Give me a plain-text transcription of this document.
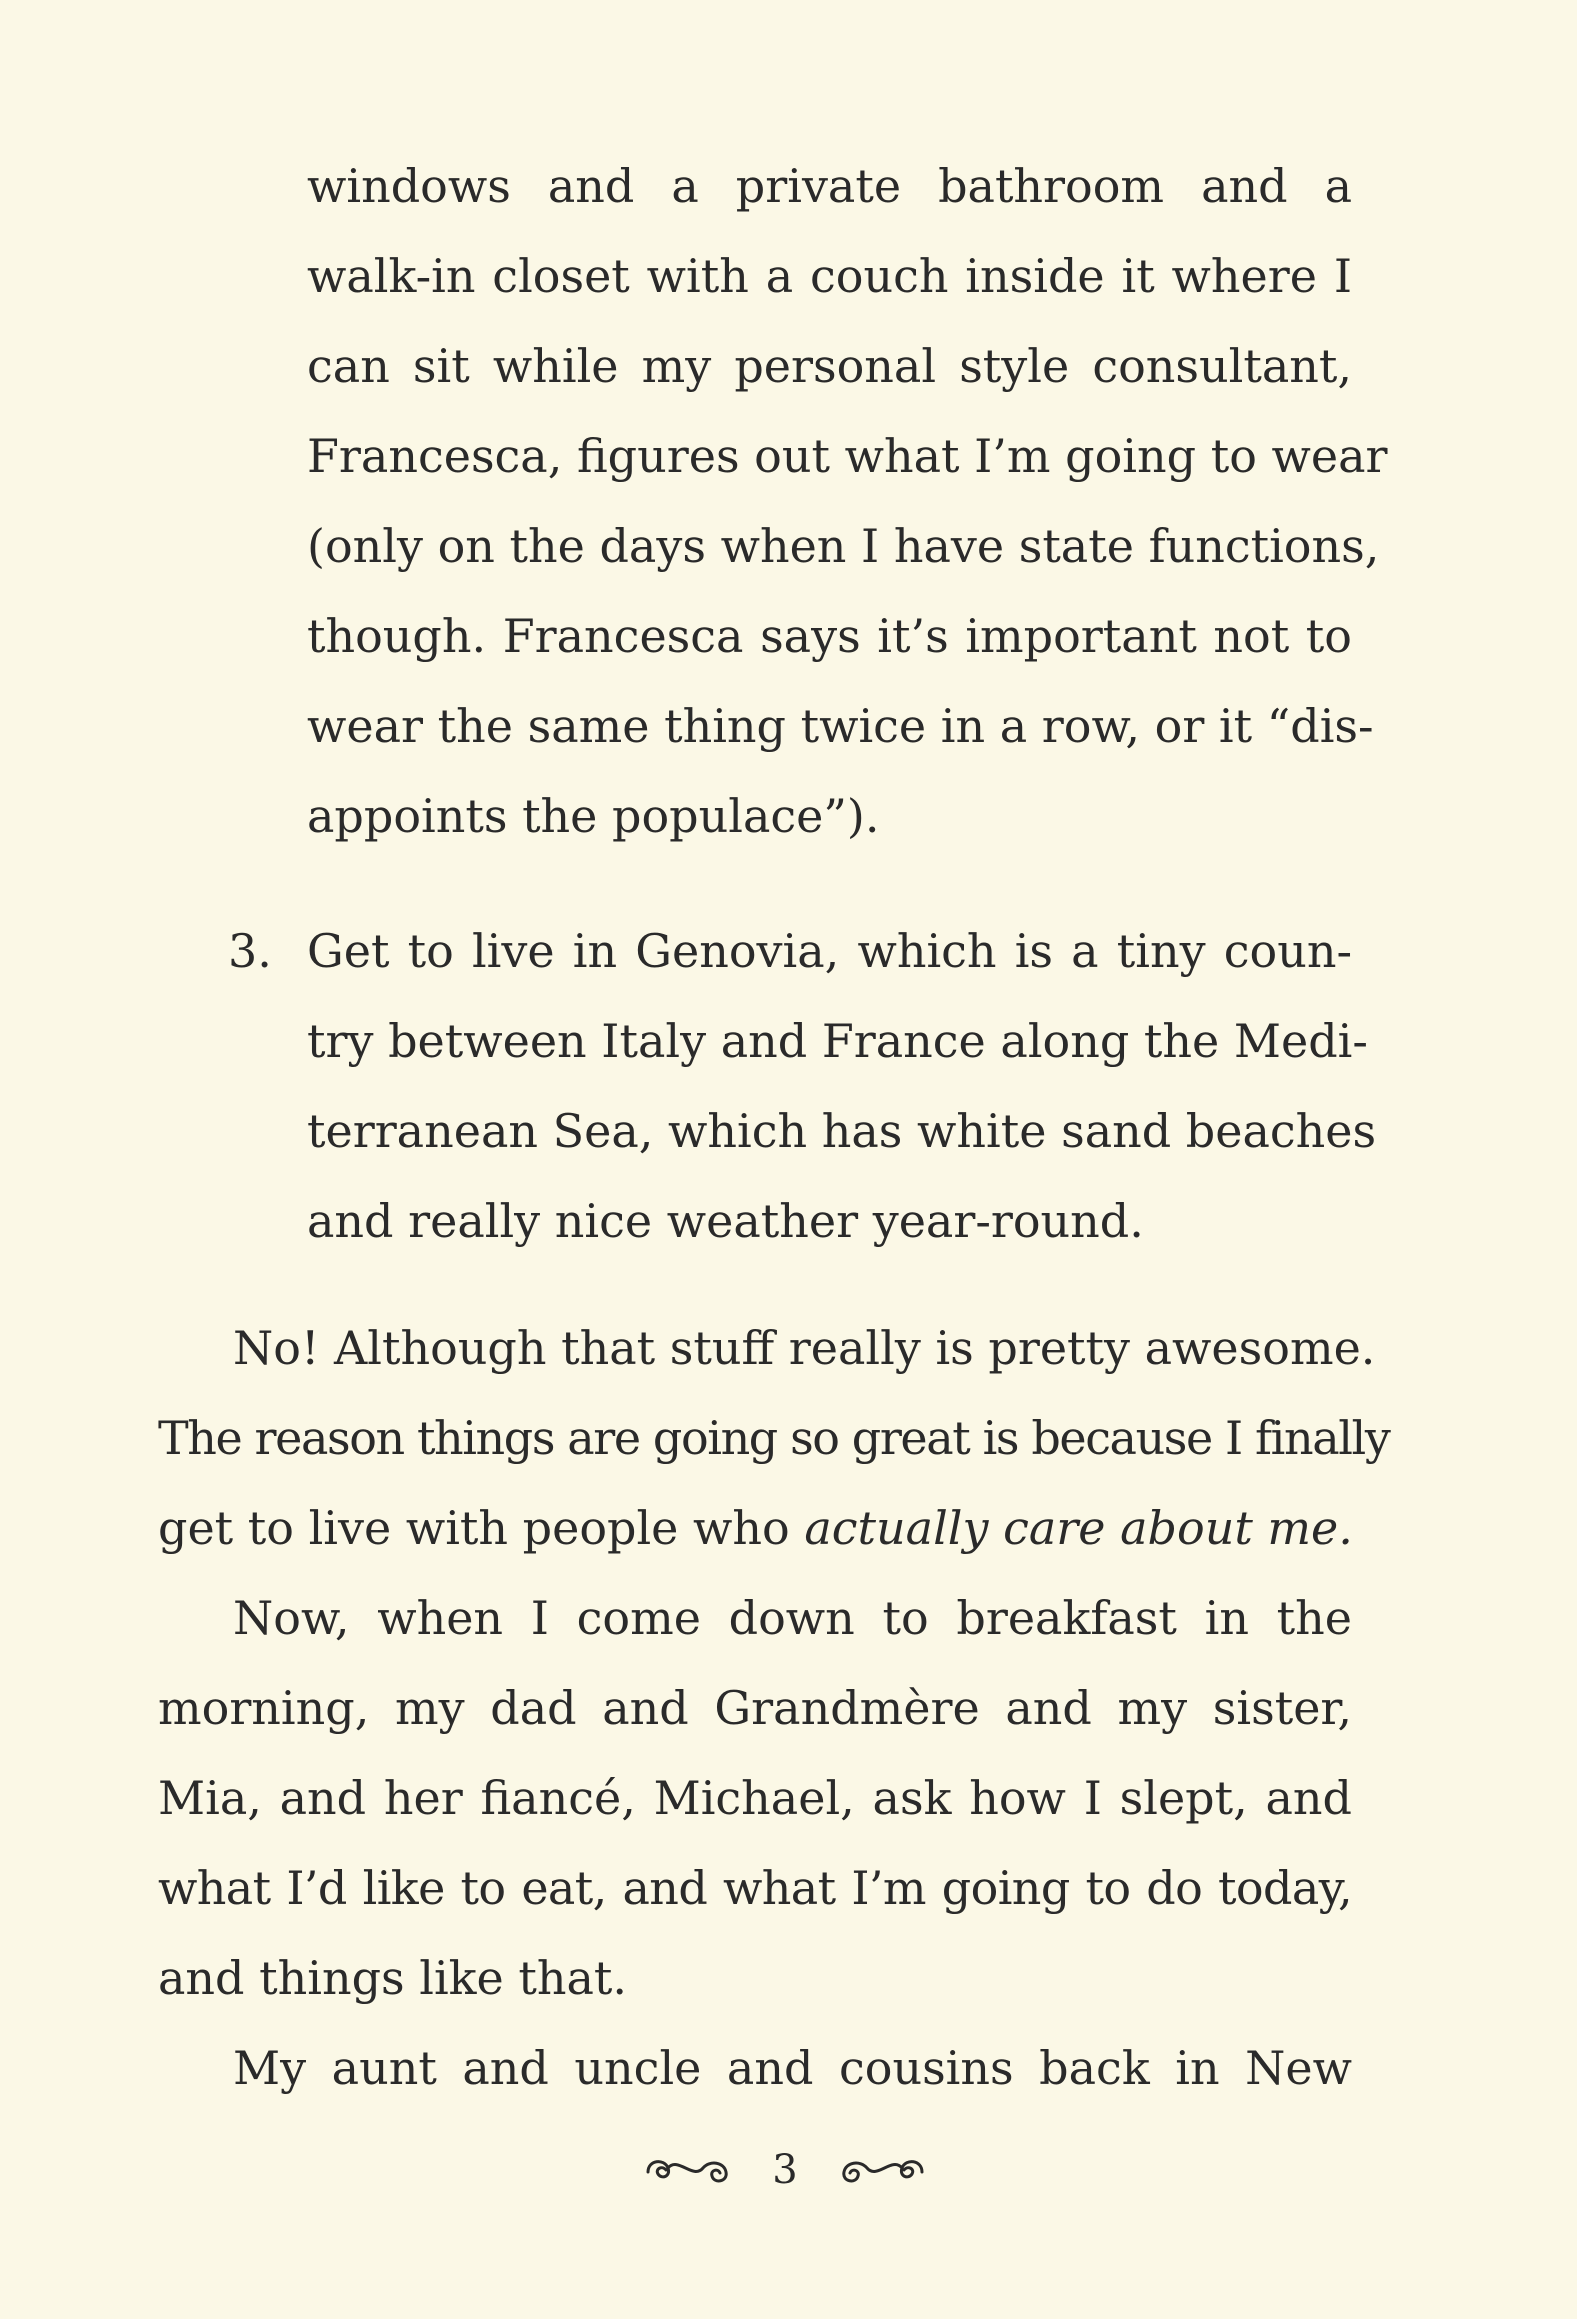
windows and a private bathroom and a
walk-in closet with a couch inside it where I
can sit while my personal style consultant,
Francesca, figures out what I’m going to wear
(only on the days when I have state functions,
though. Francesca says it’s important not to
wear the same thing twice in a row, or it “dis-
appoints the populace”).
3. Get to live in Genovia, which is a tiny coun-
try between Italy and France along the Medi-
terranean Sea, which has white sand beaches
and really nice weather year-round.
No! Although that stuff really is pretty awesome.
The reason things are going so great is because I finally
get to live with people who actually care about me.
Now, when I come down to breakfast in the
morning, my dad and Grandmère and my sister,
Mia, and her fiancé, Michael, ask how I slept, and
what I’d like to eat, and what I’m going to do today,
and things like that.
My aunt and uncle and cousins back in New
3
